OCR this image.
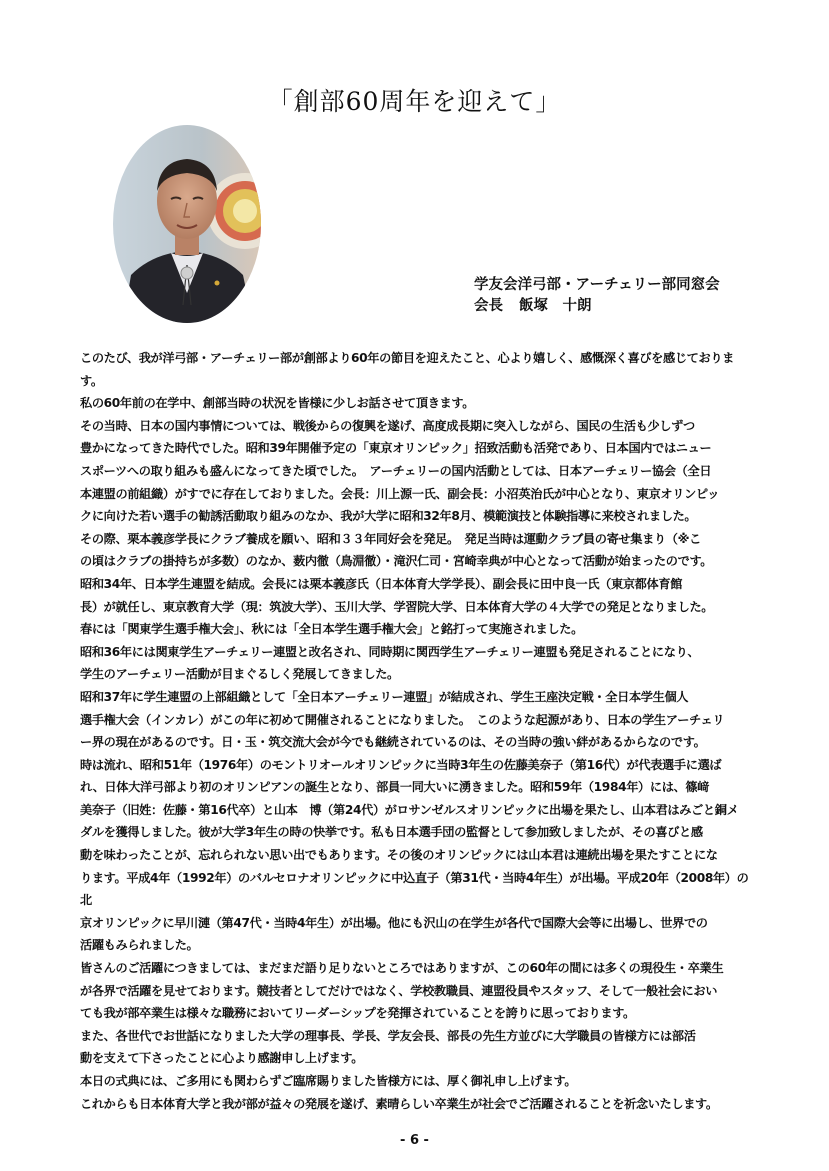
「創部60周年を迎えて」
学友会洋弓部・アーチェリー部同窓会
会長 飯塚　十朗

このたび、我が洋弓部・アーチェリー部が創部より60年の節目を迎えたこと、心より嬉しく、感慨深く喜びを感じております。

私の60年前の在学中、創部当時の状況を皆様に少しお話させて頂きます。

その当時、日本の国内事情については、戦後からの復興を遂げ、高度成長期に突入しながら、国民の生活も少しずつ
豊かになってきた時代でした。昭和39年開催予定の「東京オリンピック」招致活動も活発であり、日本国内ではニュー
スポーツへの取り組みも盛んになってきた頃でした。　アーチェリーの国内活動としては、日本アーチェリー協会（全日
本連盟の前組織）がすでに存在しておりました。会長：川上源一氏、副会長：小沼英治氏が中心となり、東京オリンピッ
クに向けた若い選手の勧誘活動取り組みのなか、我が大学に昭和32年8月、模範演技と体験指導に来校されました。

その際、栗本義彦学長にクラブ養成を願い、昭和３３年同好会を発足。　発足当時は運動クラブ員の寄せ集まり（※こ
の頃はクラブの掛持ちが多数）のなか、薮内徹（鳥淵徹）・滝沢仁司・宮崎幸典が中心となって活動が始まったのです。

昭和34年、日本学生連盟を結成。会長には栗本義彦氏（日本体育大学学長）、副会長に田中良一氏（東京都体育館
長）が就任し、東京教育大学（現：筑波大学）、玉川大学、学習院大学、日本体育大学の４大学での発足となりました。
春には「関東学生選手権大会」、秋には「全日本学生選手権大会」と銘打って実施されました。

昭和36年には関東学生アーチェリー連盟と改名され、同時期に関西学生アーチェリー連盟も発足されることになり、
学生のアーチェリー活動が目まぐるしく発展してきました。

昭和37年に学生連盟の上部組織として「全日本アーチェリー連盟」が結成され、学生王座決定戦・全日本学生個人
選手権大会（インカレ）がこの年に初めて開催されることになりました。　このような起源があり、日本の学生アーチェリ
ー界の現在があるのです。日・玉・筑交流大会が今でも継続されているのは、その当時の強い絆があるからなのです。

時は流れ、昭和51年（1976年）のモントリオールオリンピックに当時3年生の佐藤美奈子（第16代）が代表選手に選ば
れ、日体大洋弓部より初のオリンピアンの誕生となり、部員一同大いに湧きました。昭和59年（1984年）には、篠﨑
美奈子（旧姓：佐藤・第16代卒）と山本　博（第24代）がロサンゼルスオリンピックに出場を果たし、山本君はみごと銅メ
ダルを獲得しました。彼が大学3年生の時の快挙です。私も日本選手団の監督として参加致しましたが、その喜びと感
動を味わったことが、忘れられない思い出でもあります。その後のオリンピックには山本君は連続出場を果たすことにな
ります。平成4年（1992年）のバルセロナオリンピックに中込直子（第31代・当時4年生）が出場。平成20年（2008年）の北
京オリンピックに早川漣（第47代・当時4年生）が出場。他にも沢山の在学生が各代で国際大会等に出場し、世界での
活躍もみられました。

皆さんのご活躍につきましては、まだまだ語り足りないところではありますが、この60年の間には多くの現役生・卒業生
が各界で活躍を見せております。競技者としてだけではなく、学校教職員、連盟役員やスタッフ、そして一般社会におい
ても我が部卒業生は様々な職務においてリーダーシップを発揮されていることを誇りに思っております。

また、各世代でお世話になりました大学の理事長、学長、学友会長、部長の先生方並びに大学職員の皆様方には部活
動を支えて下さったことに心より感謝申し上げます。

本日の式典には、ご多用にも関わらずご臨席賜りました皆様方には、厚く御礼申し上げます。

これからも日本体育大学と我が部が益々の発展を遂げ、素晴らしい卒業生が社会でご活躍されることを祈念いたします。

- 6 -
